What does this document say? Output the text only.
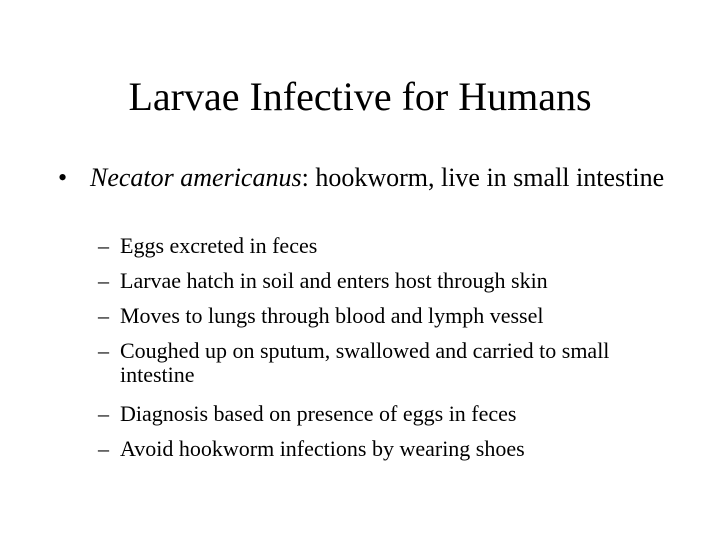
Larvae Infective for Humans
• Necator americanus: hookworm, live in small intestine
– Eggs excreted in feces
– Larvae hatch in soil and enters host through skin
– Moves to lungs through blood and lymph vessel
– Coughed up on sputum, swallowed and carried to small intestine
– Diagnosis based on presence of eggs in feces
– Avoid hookworm infections by wearing shoes
